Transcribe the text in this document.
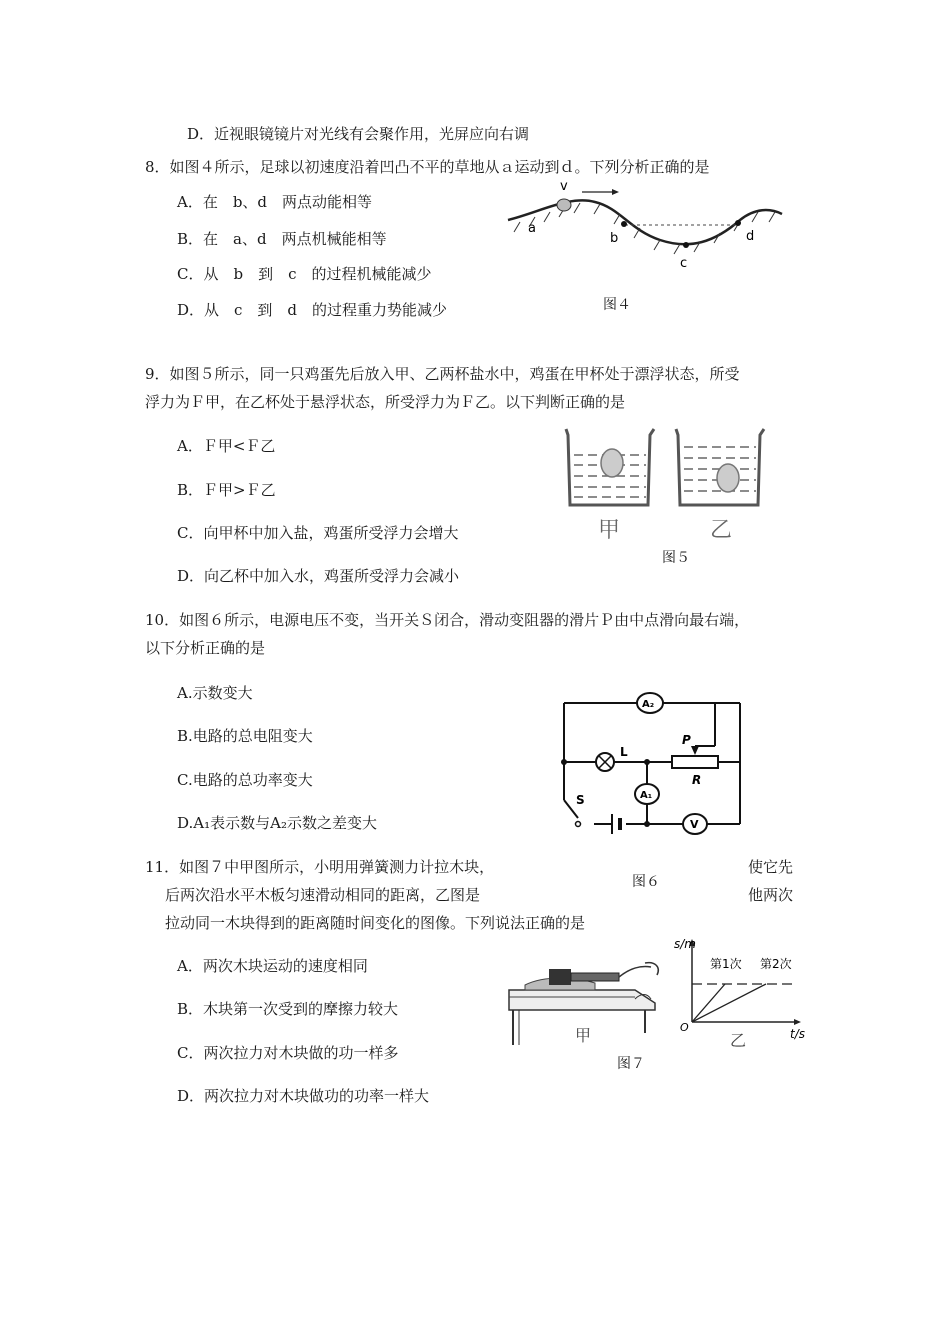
D．近视眼镜镜片对光线有会聚作用，光屏应向右调
8．如图４所示，足球以初速度沿着凹凸不平的草地从ａ运动到ｄ。下列分析正确的是
A．在　b、d　两点动能相等
B．在　a、d　两点机械能相等
C．从　b　到　c　的过程机械能减少
D．从　c　到　d　的过程重力势能减少
v
a
b
c
d
图４
9．如图５所示，同一只鸡蛋先后放入甲、乙两杯盐水中，鸡蛋在甲杯处于漂浮状态，所受
浮力为Ｆ甲，在乙杯处于悬浮状态，所受浮力为Ｆ乙。以下判断正确的是
A．Ｆ甲<Ｆ乙
B．Ｆ甲>Ｆ乙
C．向甲杯中加入盐，鸡蛋所受浮力会增大
D．向乙杯中加入水，鸡蛋所受浮力会减小
甲	乙
图５
10．如图６所示，电源电压不变，当开关Ｓ闭合，滑动变阻器的滑片Ｐ由中点滑向最右端，
以下分析正确的是
A.示数变大
B.电路的总电阻变大
C.电路的总功率变大
D.A₁表示数与A₂示数之差变大
A₂
A₁
V
L
P
R
S
11．如图７中甲图所示，小明用弹簧测力计拉木块，	使它先
图６
后两次沿水平木板匀速滑动相同的距离，乙图是	他两次
拉动同一木块得到的距离随时间变化的图像。下列说法正确的是
A．两次木块运动的速度相同
B．木块第一次受到的摩擦力较大
C．两次拉力对木块做的功一样多
D．两次拉力对木块做功的功率一样大
甲
s/m
t/s
O
第1次 第2次
乙
图７
